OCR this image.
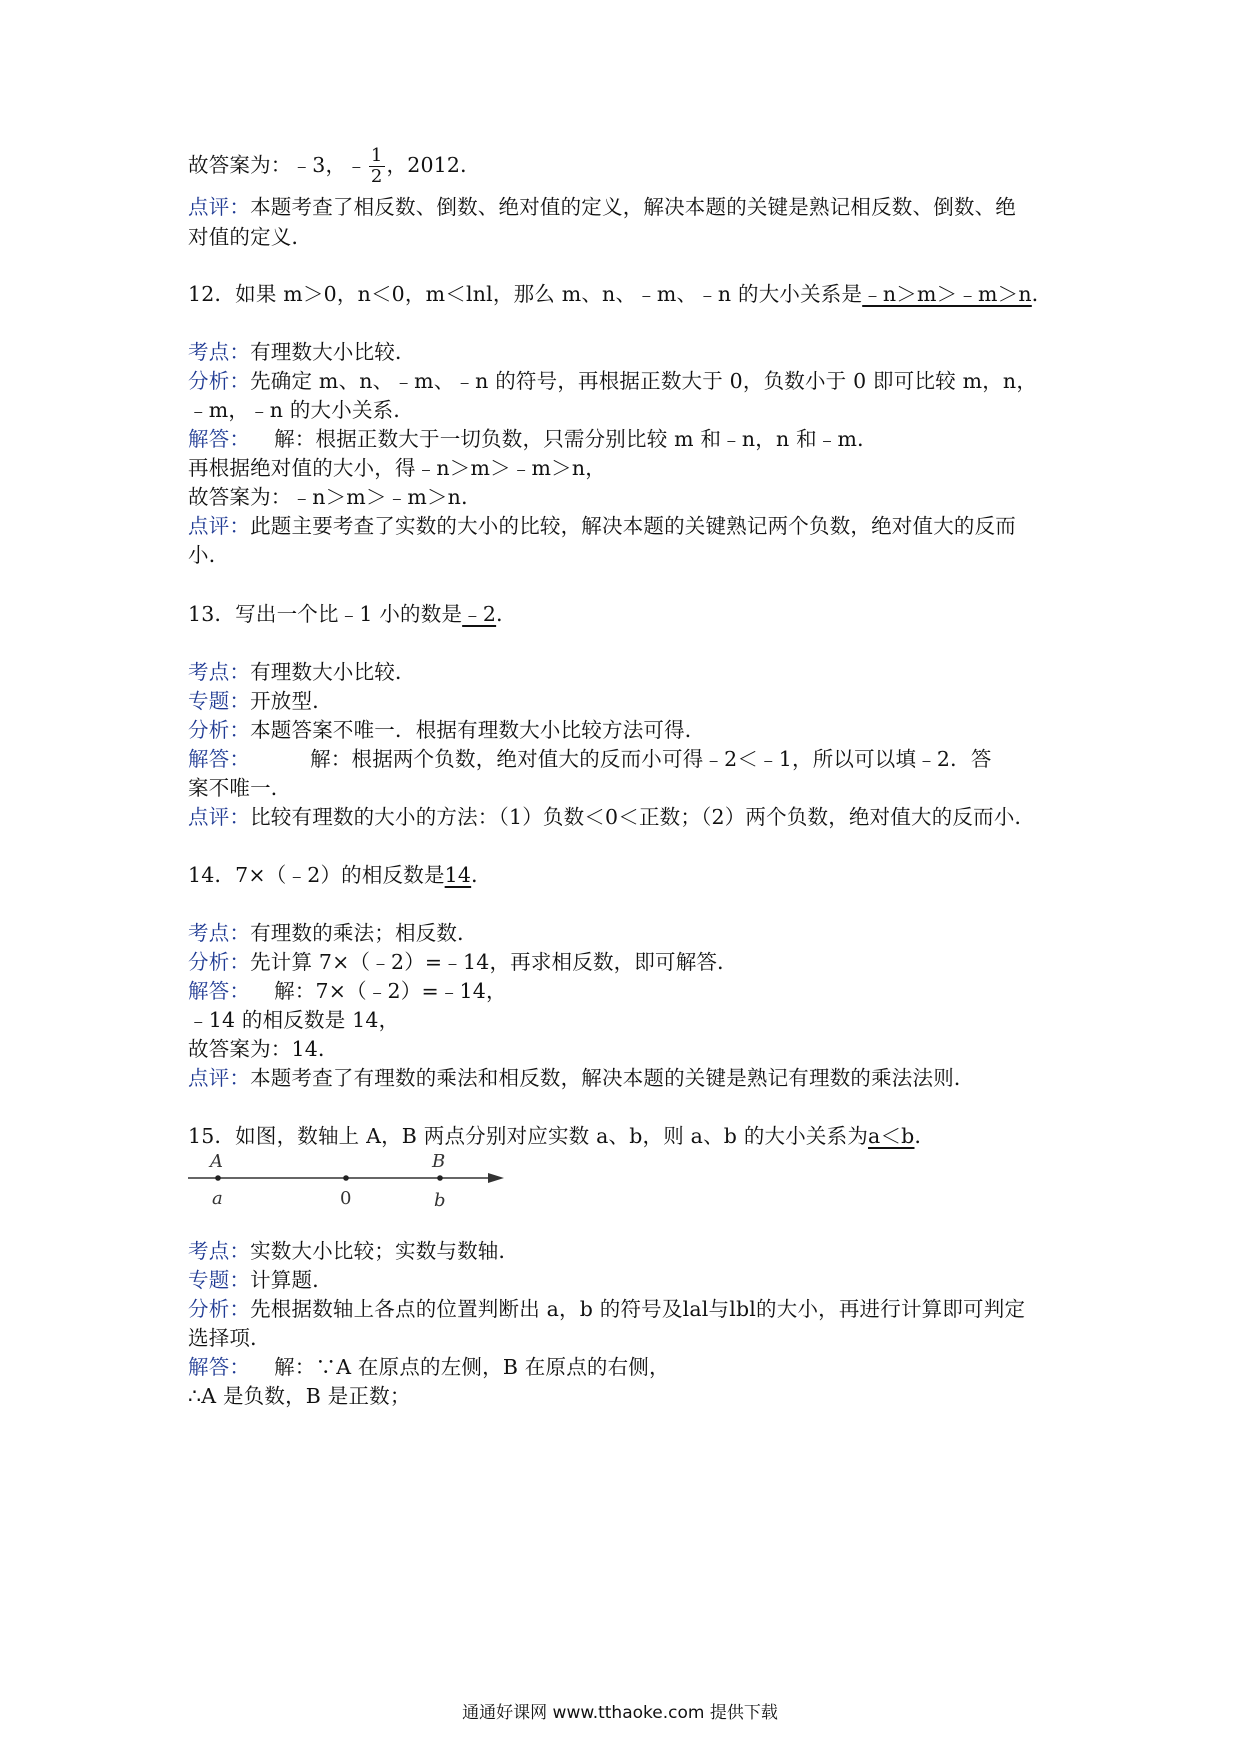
故答案为：﹣3，﹣ $\frac{1}{2}$ ，2012．
点评：本题考查了相反数、倒数、绝对值的定义，解决本题的关键是熟记相反数、倒数、绝
对值的定义．
12．如果 m＞0，n＜0，m＜lnl，那么 m、n、﹣m、﹣n 的大小关系是﹣n＞m＞﹣m＞n．
考点：有理数大小比较．
分析：先确定 m、n、﹣m、﹣n 的符号，再根据正数大于 0，负数小于 0 即可比较 m，n，
﹣m，﹣n 的大小关系．
解答： 解：根据正数大于一切负数，只需分别比较 m 和﹣n，n 和﹣m．
再根据绝对值的大小，得﹣n＞m＞﹣m＞n，
故答案为：﹣n＞m＞﹣m＞n．
点评：此题主要考查了实数的大小的比较，解决本题的关键熟记两个负数，绝对值大的反而
小．
13．写出一个比﹣1 小的数是﹣2．
考点：有理数大小比较．
专题：开放型．
分析：本题答案不唯一．根据有理数大小比较方法可得．
解答：	解：根据两个负数，绝对值大的反而小可得﹣2＜﹣1，所以可以填﹣2．答
案不唯一．
点评：比较有理数的大小的方法：（1）负数＜0＜正数；（2）两个负数，绝对值大的反而小．
14．7×（﹣2）的相反数是14．
考点：有理数的乘法；相反数．
分析：先计算 7×（﹣2）=﹣14，再求相反数，即可解答．
解答： 解：7×（﹣2）=﹣14，
﹣14 的相反数是 14，
故答案为：14．
点评：本题考查了有理数的乘法和相反数，解决本题的关键是熟记有理数的乘法法则．
15．如图，数轴上 A，B 两点分别对应实数 a、b，则 a、b 的大小关系为a＜b．
考点：实数大小比较；实数与数轴．
专题：计算题．
分析：先根据数轴上各点的位置判断出 a，b 的符号及lal与lbl的大小，再进行计算即可判定
选择项．
解答： 解：∵A 在原点的左侧，B 在原点的右侧，
∴A 是负数，B 是正数；
A
a	0
B
b
通通好课网 www.tthaoke.com 提供下载
